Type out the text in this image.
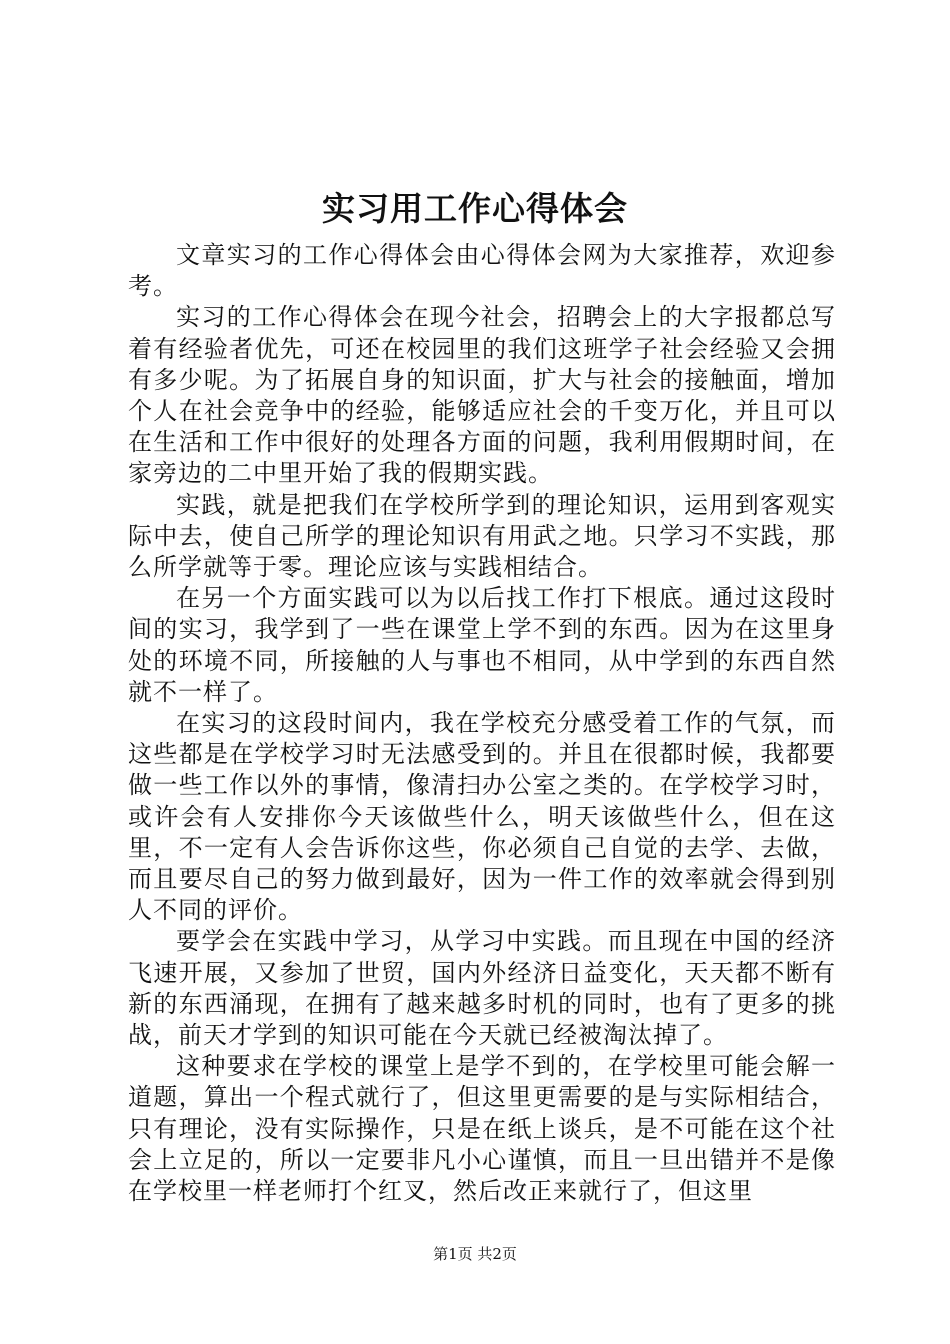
实习用工作心得体会

文章实习的工作心得体会由心得体会网为大家推荐，欢迎参考。

实习的工作心得体会在现今社会，招聘会上的大字报都总写着有经验者优先，可还在校园里的我们这班学子社会经验又会拥有多少呢。为了拓展自身的知识面，扩大与社会的接触面，增加个人在社会竞争中的经验，能够适应社会的千变万化，并且可以在生活和工作中很好的处理各方面的问题，我利用假期时间，在家旁边的二中里开始了我的假期实践。

实践，就是把我们在学校所学到的理论知识，运用到客观实际中去，使自己所学的理论知识有用武之地。只学习不实践，那么所学就等于零。理论应该与实践相结合。

在另一个方面实践可以为以后找工作打下根底。通过这段时间的实习，我学到了一些在课堂上学不到的东西。因为在这里身处的环境不同，所接触的人与事也不相同，从中学到的东西自然就不一样了。

在实习的这段时间内，我在学校充分感受着工作的气氛，而这些都是在学校学习时无法感受到的。并且在很都时候，我都要做一些工作以外的事情，像清扫办公室之类的。在学校学习时，或许会有人安排你今天该做些什么，明天该做些什么，但在这里，不一定有人会告诉你这些，你必须自己自觉的去学、去做，而且要尽自己的努力做到最好，因为一件工作的效率就会得到别人不同的评价。

要学会在实践中学习，从学习中实践。而且现在中国的经济飞速开展，又参加了世贸，国内外经济日益变化，天天都不断有新的东西涌现，在拥有了越来越多时机的同时，也有了更多的挑战，前天才学到的知识可能在今天就已经被淘汰掉了。

这种要求在学校的课堂上是学不到的，在学校里可能会解一道题，算出一个程式就行了，但这里更需要的是与实际相结合，只有理论，没有实际操作，只是在纸上谈兵，是不可能在这个社会上立足的，所以一定要非凡小心谨慎，而且一旦出错并不是像在学校里一样老师打个红叉，然后改正来就行了，但这里

第1页 共2页
